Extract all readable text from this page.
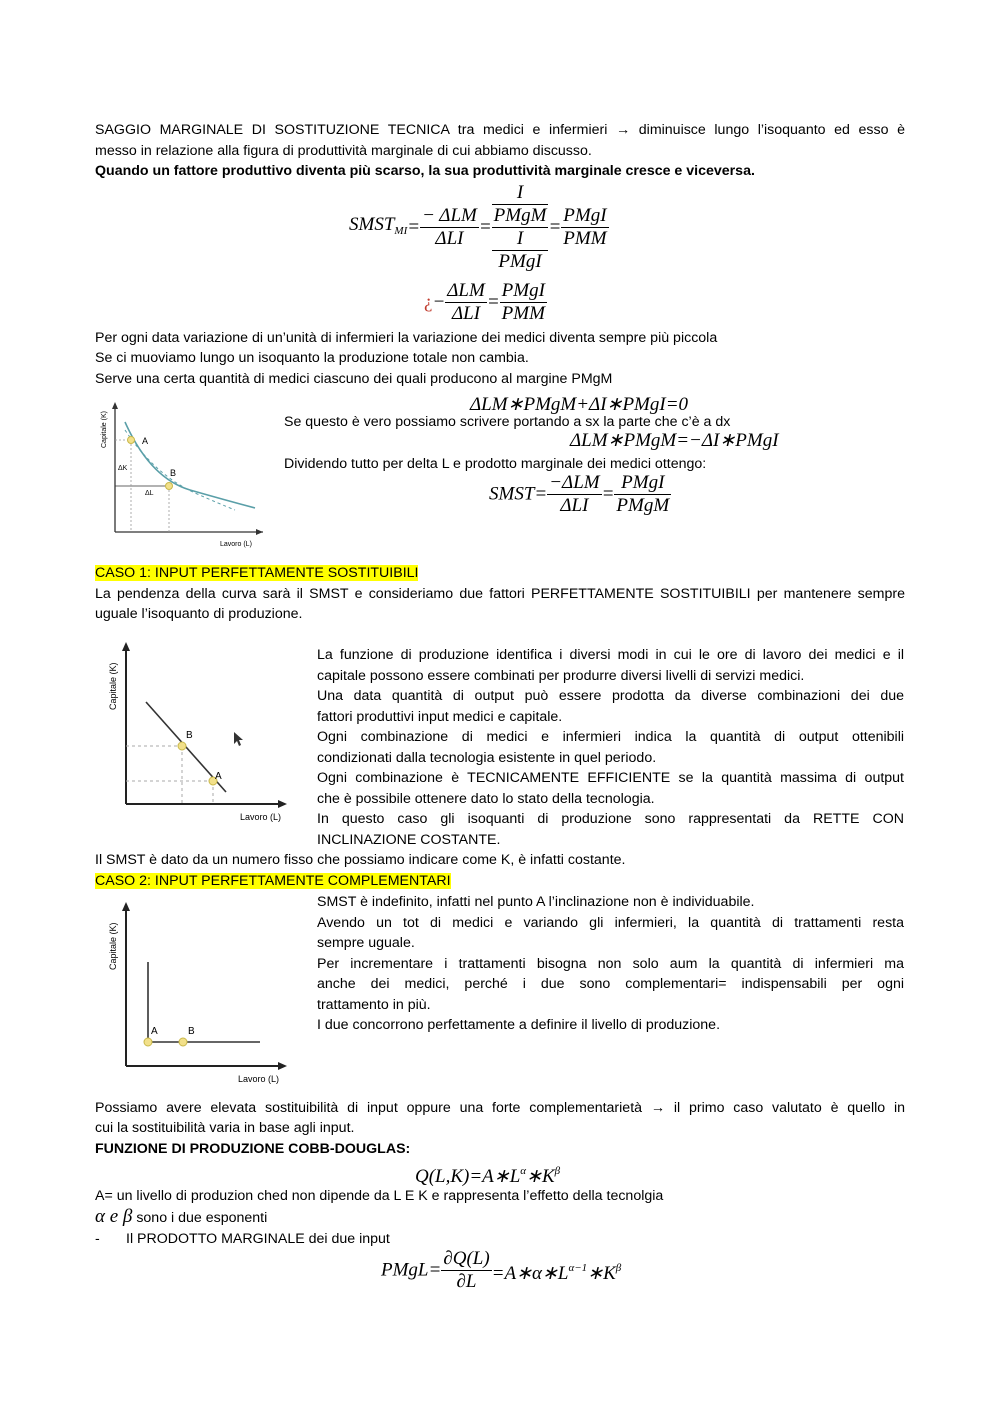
SAGGIO MARGINALE DI SOSTITUZIONE TECNICA tra medici e infermieri → diminuisce lungo l’isoquanto ed esso è
messo in relazione alla figura di produttività marginale di cui abbiamo discusso.
Quando un fattore produttivo diventa più scarso, la sua produttività marginale cresce e viceversa.
$SMST_{MI}= \frac{\text{− ΔLM}}{\text{ΔLI}} = I$
PMgM
I
PMgI = $\frac{\text{PMgI}}{\text{PMM}}$
¿− $\frac{\text{ΔLM}}{\text{ΔLI}} = \frac{\text{PMgI}}{\text{PMM}}$
Per ogni data variazione di un’unità di infermieri la variazione dei medici diventa sempre più piccola
Se ci muoviamo lungo un isoquanto la produzione totale non cambia.
Serve una certa quantità di medici ciascuno dei quali producono al margine PMgM
ΔLM∗PMgM+ΔI∗PMgI=0
Se questo è vero possiamo scrivere portando a sx la parte che c’è a dx
ΔLM∗PMgM=−ΔI∗PMgI
Dividendo tutto per delta L e prodotto marginale dei medici ottengo:
SMST= $\frac{\text{−ΔLM}}{\text{ΔLI}} = \frac{\text{PMgI}}{\text{PMgM}}$
A
B
ΔK
ΔL
Lavoro (L)
Capitale (K)
CASO 1: INPUT PERFETTAMENTE SOSTITUIBILI
La pendenza della curva sarà il SMST e consideriamo due fattori PERFETTAMENTE SOSTITUIBILI per mantenere sempre
uguale l’isoquanto di produzione.
B
A
Lavoro (L)
Capitale (K)
La funzione di produzione identifica i diversi modi in cui le ore di lavoro dei medici e il
capitale possono essere combinati per produrre diversi livelli di servizi medici.
Una data quantità di output può essere prodotta da diverse combinazioni dei due
fattori produttivi input medici e capitale.
Ogni combinazione di medici e infermieri indica la quantità di output ottenibili
condizionati dalla tecnologia esistente in quel periodo.
Ogni combinazione è TECNICAMENTE EFFICIENTE se la quantità massima di output
che è possibile ottenere dato lo stato della tecnologia.
In questo caso gli isoquanti di produzione sono rappresentati da RETTE CON
INCLINAZIONE COSTANTE.
Il SMST è dato da un numero fisso che possiamo indicare come K, è infatti costante.
CASO 2: INPUT PERFETTAMENTE COMPLEMENTARI
A	B
Lavoro (L)
Capitale (K)
SMST è indefinito, infatti nel punto A l’inclinazione non è individuabile.
Avendo un tot di medici e variando gli infermieri, la quantità di trattamenti resta
sempre uguale.
Per incrementare i trattamenti bisogna non solo aum la quantità di infermieri ma
anche dei medici, perché i due sono complementari= indispensabili per ogni
trattamento in più.
I due concorrono perfettamente a definire il livello di produzione.
Possiamo avere elevata sostituibilità di input oppure una forte complementarietà → il primo caso valutato è quello in
cui la sostituibilità varia in base agli input.
FUNZIONE DI PRODUZIONE COBB-DOUGLAS:
$Q(L,K)=A∗L^\alpha∗K^\beta$
A= un livello di produzion ched non dipende da L E K e rappresenta l’effetto della tecnolgia
α e β sono i due esponenti
- Il PRODOTTO MARGINALE dei due input
PMgL= $\frac{\partial Q(L)}{\partial L}$ $=A∗\alpha∗L^{\alpha-1}∗K^\beta$
